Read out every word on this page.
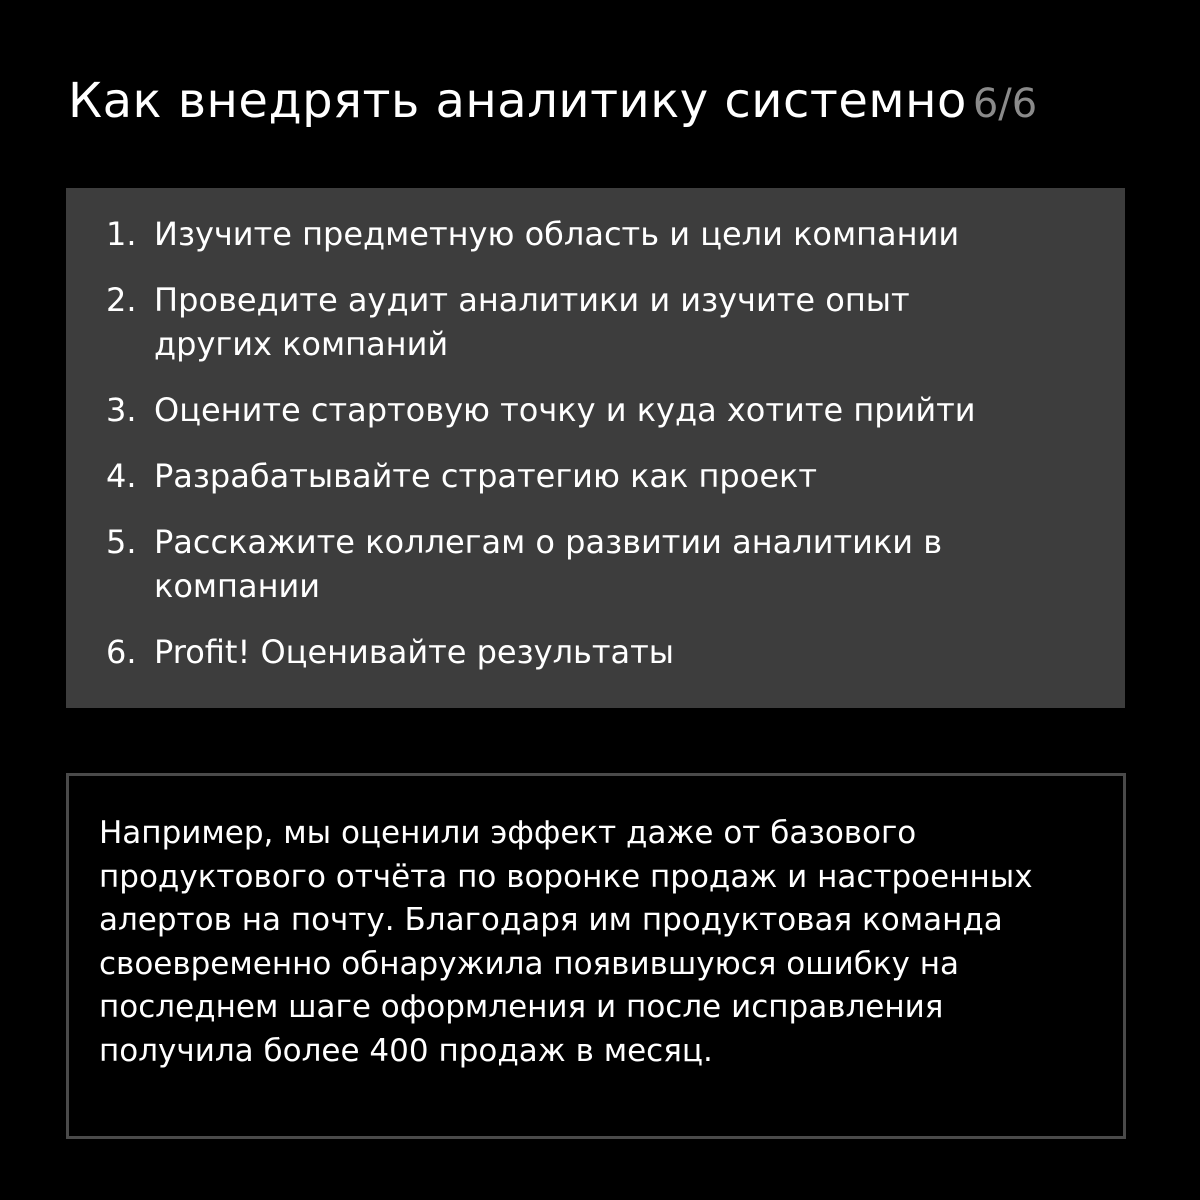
Как внедрять аналитику системно 6/6
1. Изучите предметную область и цели компании
2. Проведите аудит аналитики и изучите опыт других компаний
3. Оцените стартовую точку и куда хотите прийти
4. Разрабатывайте стратегию как проект
5. Расскажите коллегам о развитии аналитики в компании
6. Profit! Оценивайте результаты

Например, мы оценили эффект даже от базового продуктового отчёта по воронке продаж и настроенных алертов на почту. Благодаря им продуктовая команда своевременно обнаружила появившуюся ошибку на последнем шаге оформления и после исправления получила более 400 продаж в месяц.
